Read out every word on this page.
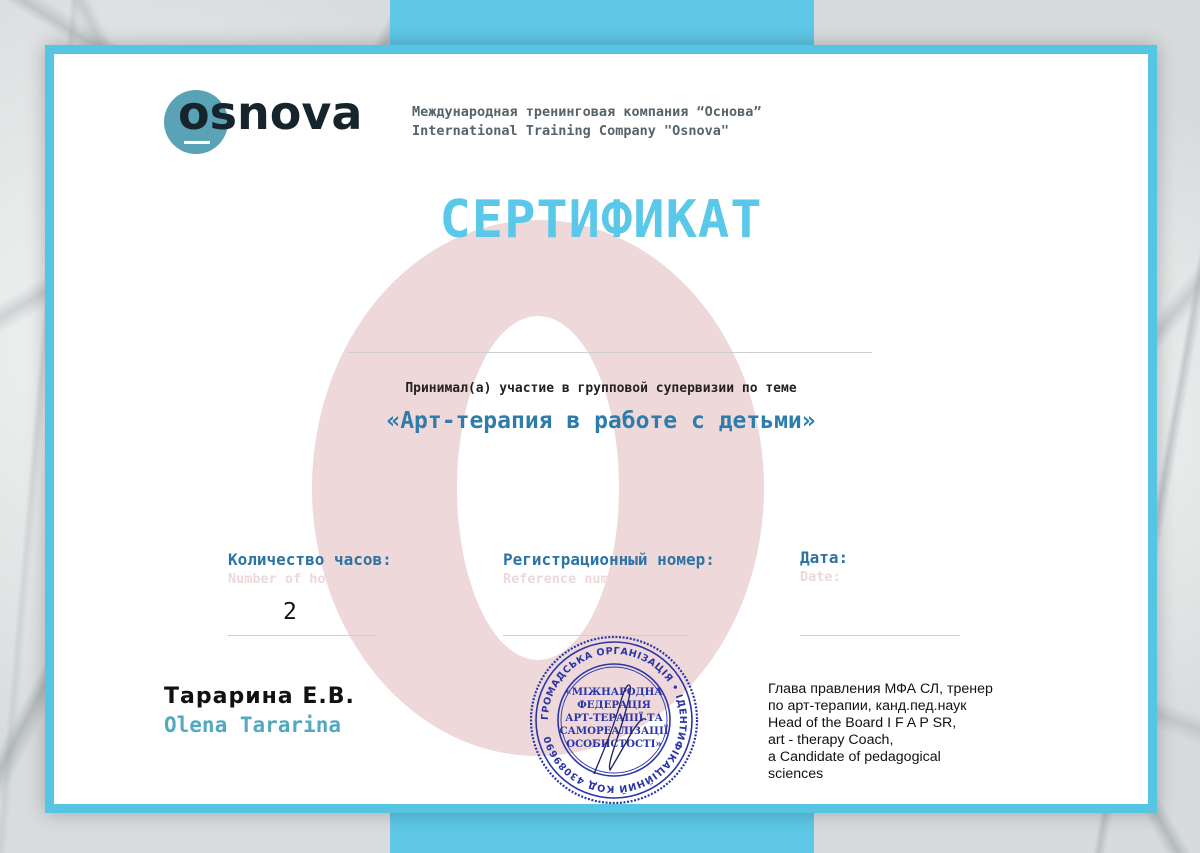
osnova	Международная тренинговая компания “Основа”
International Training Company "Osnova"
СЕРТИФИКАТ
Принимал(а) участие в групповой супервизии по теме
«Арт-терапия в работе с детьми»
Количество часов:
Number of hours:
2
Регистрационный номер:
Reference number:
Дата:
Date:
Тарарина Е.В.
Olena Tararina	ГРОМАДСЬКА ОРГАНІЗАЦІЯ • ІДЕНТИФІКАЦІЙНИЙ КОД 43089690
«МІЖНАРОДНА
ФЕДЕРАЦІЯ
АРТ-ТЕРАПІЇ ТА
САМОРЕАЛІЗАЦІЇ
ОСОБИСТОСТІ»
Глава правления МФА СЛ, тренер
по арт-терапии, канд.пед.наук
Head of the Board I F A P SR,
art - therapy Coach,
a Candidate of pedagogical
sciences
